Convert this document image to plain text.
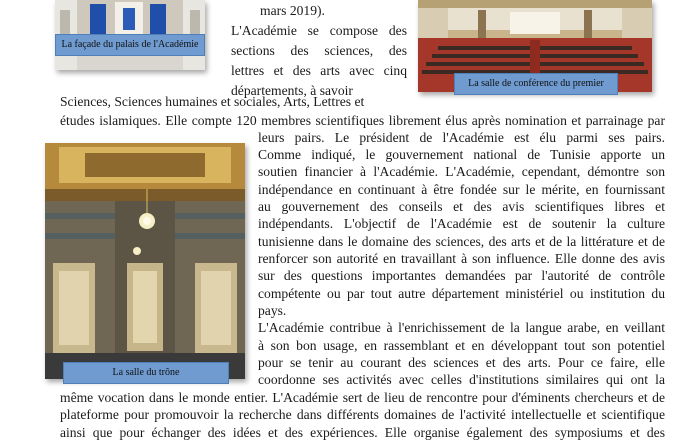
La façade du palais de l'Académie
La salle de conférence du premier
La salle du trône
mars 2019).
L'Académie se compose des
sections des sciences, des
lettres et des arts avec cinq
départements, à savoir
Sciences, Sciences humaines et sociales, Arts, Lettres et
études islamiques. Elle compte 120 membres scientifiques librement élus après nomination et parrainage par
leurs pairs. Le président de l'Académie est élu parmi ses pairs.
Comme indiqué, le gouvernement national de Tunisie apporte un
soutien financier à l'Académie. L'Académie, cependant, démontre son
indépendance en continuant à être fondée sur le mérite, en fournissant
au gouvernement des conseils et des avis scientifiques libres et
indépendants. L'objectif de l'Académie est de soutenir la culture
tunisienne dans le domaine des sciences, des arts et de la littérature et de
renforcer son autorité en travaillant à son influence. Elle donne des avis
sur des questions importantes demandées par l'autorité de contrôle
compétente ou par tout autre département ministériel ou institution du
pays.
L'Académie contribue à l'enrichissement de la langue arabe, en veillant
à son bon usage, en rassemblant et en développant tout son potentiel
pour se tenir au courant des sciences et des arts. Pour ce faire, elle
coordonne ses activités avec celles d'institutions similaires qui ont la
même vocation dans le monde entier. L'Académie sert de lieu de rencontre pour d'éminents chercheurs et de
plateforme pour promouvoir la recherche dans différents domaines de l'activité intellectuelle et scientifique
ainsi que pour échanger des idées et des expériences. Elle organise également des symposiums et des
